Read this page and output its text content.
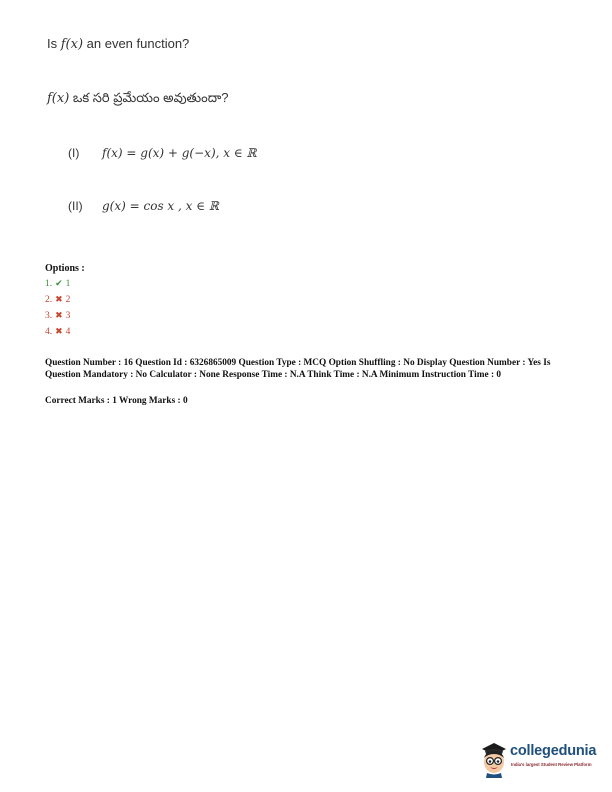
Is f(x) an even function?
f(x) ఒక సరి ప్రమేయం అవుతుందా?
(I) f(x) = g(x) + g(−x), x ∈ ℝ
(II) g(x) = cos x , x ∈ ℝ
Options :
1. ✔ 1
2. ✖ 2
3. ✖ 3
4. ✖ 4
Question Number : 16 Question Id : 6326865009 Question Type : MCQ Option Shuffling : No Display Question Number : Yes Is Question Mandatory : No Calculator : None Response Time : N.A Think Time : N.A Minimum Instruction Time : 0
Correct Marks : 1 Wrong Marks : 0
collegedunia
India's largest Student Review Platform
